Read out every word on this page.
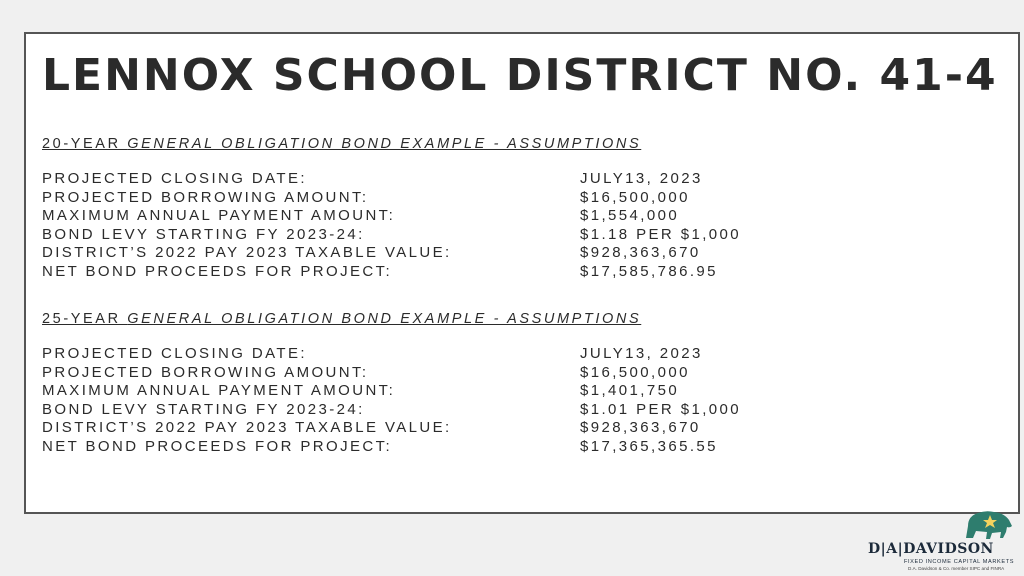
LENNOX SCHOOL DISTRICT NO. 41-4
20-YEAR GENERAL OBLIGATION BOND EXAMPLE - ASSUMPTIONS
PROJECTED CLOSING DATE:	JULY13, 2023
PROJECTED BORROWING AMOUNT:	$16,500,000
MAXIMUM ANNUAL PAYMENT AMOUNT:	$1,554,000
BOND LEVY STARTING FY 2023-24:	$1.18 PER $1,000
DISTRICT’S 2022 PAY 2023 TAXABLE VALUE:	$928,363,670
NET BOND PROCEEDS FOR PROJECT:	$17,585,786.95
25-YEAR GENERAL OBLIGATION BOND EXAMPLE - ASSUMPTIONS
PROJECTED CLOSING DATE:	JULY13, 2023
PROJECTED BORROWING AMOUNT:	$16,500,000
MAXIMUM ANNUAL PAYMENT AMOUNT:	$1,401,750
BOND LEVY STARTING FY 2023-24:	$1.01 PER $1,000
DISTRICT’S 2022 PAY 2023 TAXABLE VALUE:	$928,363,670
NET BOND PROCEEDS FOR PROJECT:	$17,365,365.55
D|A|DAVIDSON
FIXED INCOME CAPITAL MARKETS
D.A. Davidson & Co. member SIPC and FINRA
